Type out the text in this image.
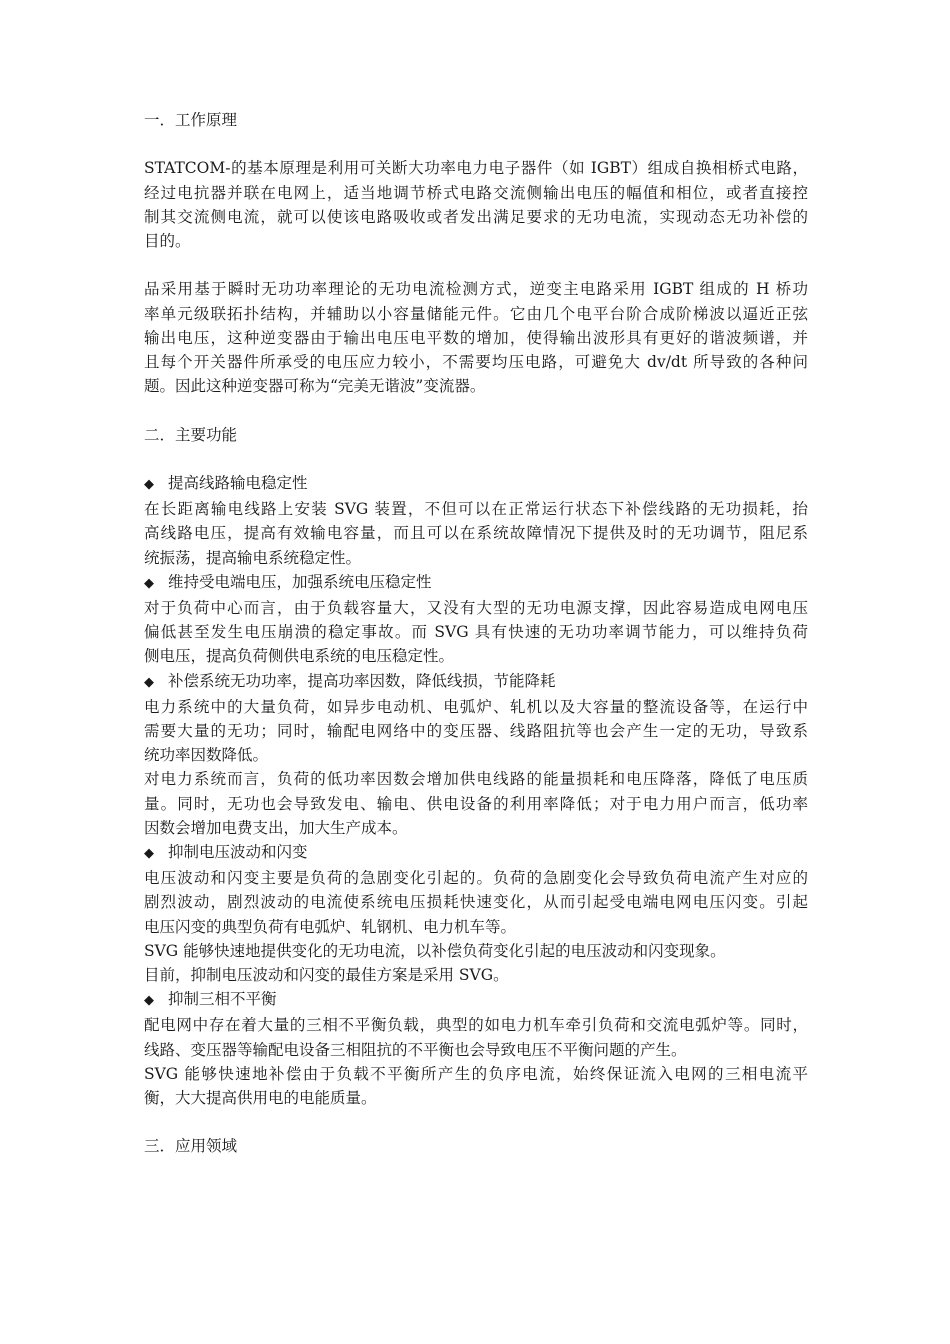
一．工作原理
STATCOM-的基本原理是利用可关断大功率电力电子器件（如 IGBT）组成自换相桥式电路，
经过电抗器并联在电网上，适当地调节桥式电路交流侧输出电压的幅值和相位，或者直接控
制其交流侧电流，就可以使该电路吸收或者发出满足要求的无功电流，实现动态无功补偿的
目的。
品采用基于瞬时无功功率理论的无功电流检测方式，逆变主电路采用 IGBT 组成的 H 桥功
率单元级联拓扑结构，并辅助以小容量储能元件。它由几个电平台阶合成阶梯波以逼近正弦
输出电压，这种逆变器由于输出电压电平数的增加，使得输出波形具有更好的谐波频谱，并
且每个开关器件所承受的电压应力较小，不需要均压电路，可避免大 dv/dt 所导致的各种问
题。因此这种逆变器可称为“完美无谐波”变流器。
二．主要功能
◆ 提高线路输电稳定性
在长距离输电线路上安装 SVG 装置，不但可以在正常运行状态下补偿线路的无功损耗，抬
高线路电压，提高有效输电容量，而且可以在系统故障情况下提供及时的无功调节，阻尼系
统振荡，提高输电系统稳定性。
◆ 维持受电端电压，加强系统电压稳定性
对于负荷中心而言，由于负载容量大，又没有大型的无功电源支撑，因此容易造成电网电压
偏低甚至发生电压崩溃的稳定事故。而 SVG 具有快速的无功功率调节能力，可以维持负荷
侧电压，提高负荷侧供电系统的电压稳定性。
◆ 补偿系统无功功率，提高功率因数，降低线损，节能降耗
电力系统中的大量负荷，如异步电动机、电弧炉、轧机以及大容量的整流设备等，在运行中
需要大量的无功；同时，输配电网络中的变压器、线路阻抗等也会产生一定的无功，导致系
统功率因数降低。
对电力系统而言，负荷的低功率因数会增加供电线路的能量损耗和电压降落，降低了电压质
量。同时，无功也会导致发电、输电、供电设备的利用率降低；对于电力用户而言，低功率
因数会增加电费支出，加大生产成本。
◆ 抑制电压波动和闪变
电压波动和闪变主要是负荷的急剧变化引起的。负荷的急剧变化会导致负荷电流产生对应的
剧烈波动，剧烈波动的电流使系统电压损耗快速变化，从而引起受电端电网电压闪变。引起
电压闪变的典型负荷有电弧炉、轧钢机、电力机车等。
SVG 能够快速地提供变化的无功电流，以补偿负荷变化引起的电压波动和闪变现象。
目前，抑制电压波动和闪变的最佳方案是采用 SVG。
◆ 抑制三相不平衡
配电网中存在着大量的三相不平衡负载，典型的如电力机车牵引负荷和交流电弧炉等。同时，
线路、变压器等输配电设备三相阻抗的不平衡也会导致电压不平衡问题的产生。
SVG 能够快速地补偿由于负载不平衡所产生的负序电流，始终保证流入电网的三相电流平
衡，大大提高供用电的电能质量。
三．应用领域
